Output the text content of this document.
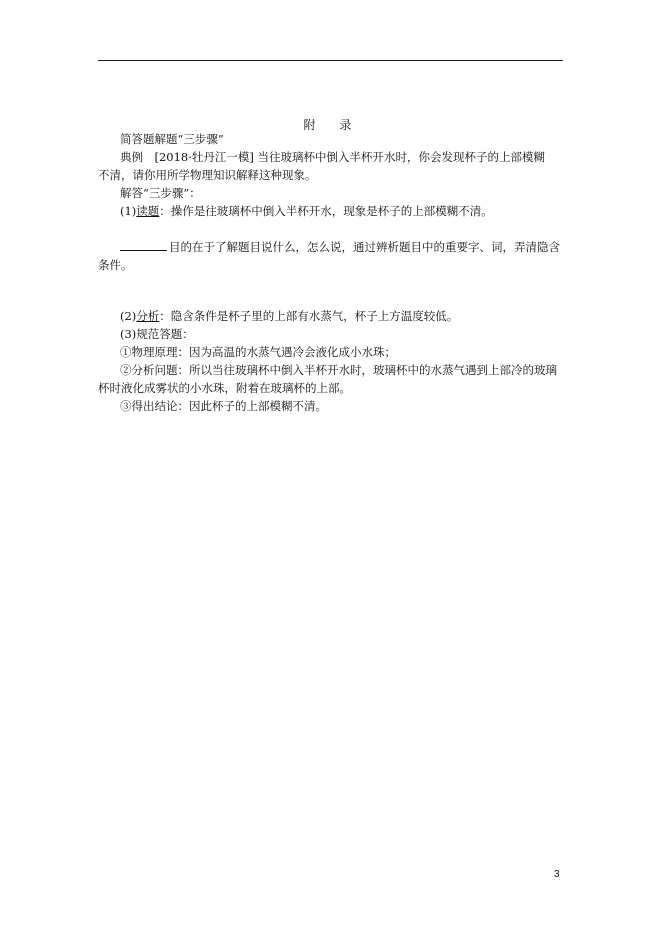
附　录
简答题解题“三步骤”
典例　[2018·牡丹江一模] 当往玻璃杯中倒入半杯开水时，你会发现杯子的上部模糊
不清，请你用所学物理知识解释这种现象。
解答“三步骤”：
(1)读题：操作是往玻璃杯中倒入半杯开水，现象是杯子的上部模糊不清。
目的在于了解题目说什么，怎么说，通过辨析题目中的重要字、词，弄清隐含
条件。
(2)分析：隐含条件是杯子里的上部有水蒸气，杯子上方温度较低。
(3)规范答题：
①物理原理：因为高温的水蒸气遇冷会液化成小水珠；
②分析问题：所以当往玻璃杯中倒入半杯开水时，玻璃杯中的水蒸气遇到上部冷的玻璃
杯时液化成雾状的小水珠，附着在玻璃杯的上部。
③得出结论：因此杯子的上部模糊不清。
3
